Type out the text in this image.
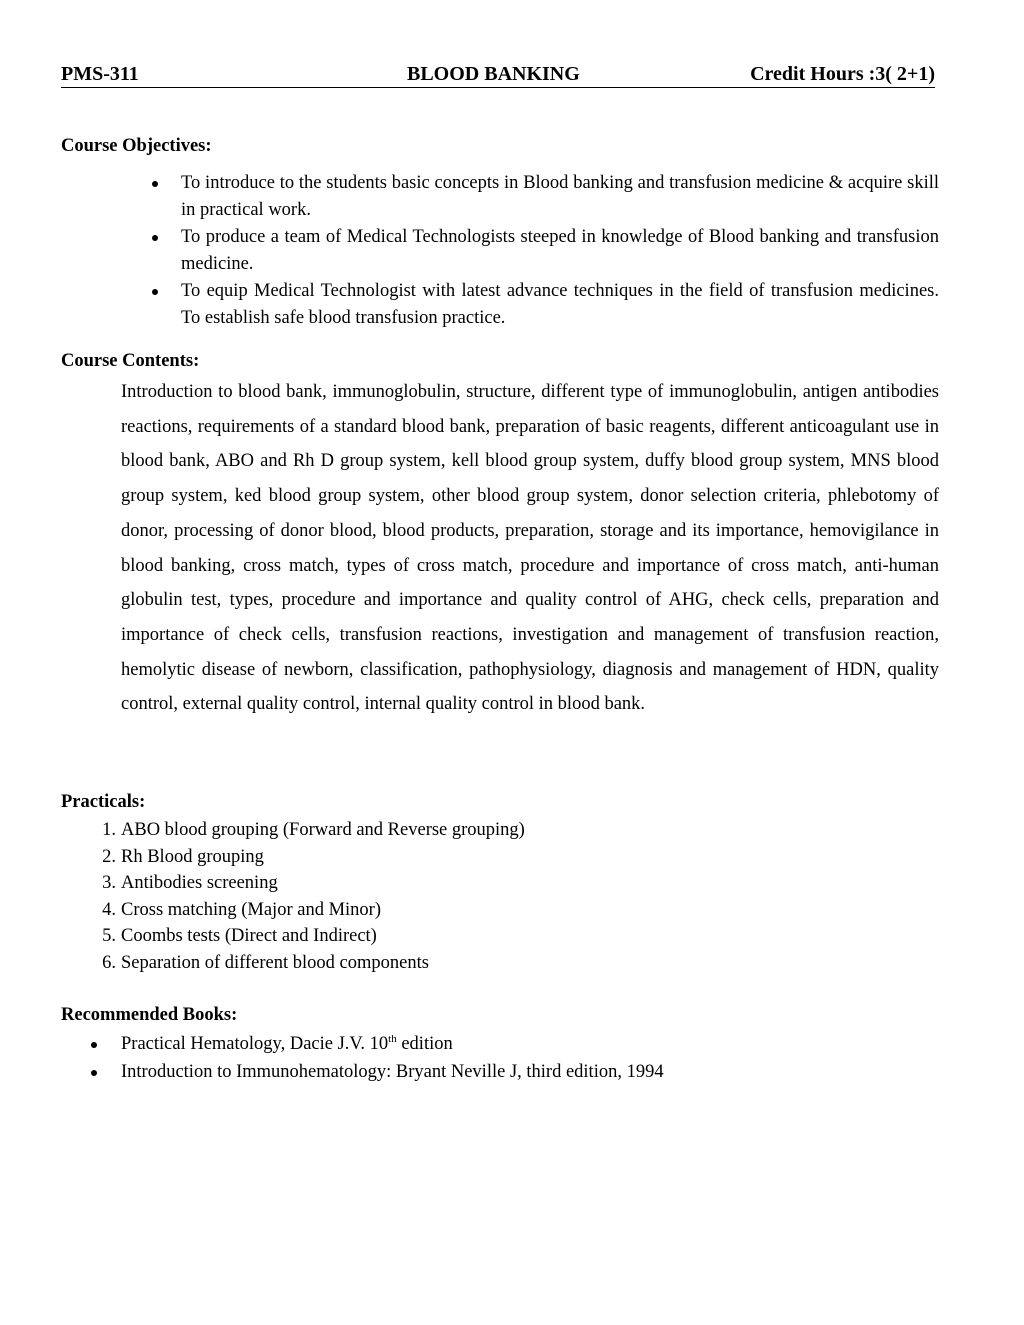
PMS-311	BLOOD BANKING	Credit Hours :3( 2+1)
Course Objectives:
To introduce to the students basic concepts in Blood banking and transfusion medicine & acquire skill in practical work.
To produce a team of Medical Technologists steeped in knowledge of Blood banking and transfusion medicine.
To equip Medical Technologist with latest advance techniques in the field of transfusion medicines. To establish safe blood transfusion practice.
Course Contents:
Introduction to blood bank, immunoglobulin, structure, different type of immunoglobulin, antigen antibodies reactions, requirements of a standard blood bank, preparation of basic reagents, different anticoagulant use in blood bank, ABO and Rh D group system, kell blood group system, duffy blood group system, MNS blood group system, ked blood group system, other blood group system, donor selection criteria, phlebotomy of donor, processing of donor blood, blood products, preparation, storage and its importance, hemovigilance in blood banking, cross match, types of cross match, procedure and importance of cross match, anti-human globulin test, types, procedure and importance and quality control of AHG, check cells, preparation and importance of check cells, transfusion reactions, investigation and management of transfusion reaction, hemolytic disease of newborn, classification, pathophysiology, diagnosis and management of HDN, quality control, external quality control, internal quality control in blood bank.
Practicals:
1. ABO blood grouping (Forward and Reverse grouping)
2. Rh Blood grouping
3. Antibodies screening
4. Cross matching (Major and Minor)
5. Coombs tests (Direct and Indirect)
6. Separation of different blood components
Recommended Books:
Practical Hematology, Dacie J.V. 10th edition
Introduction to Immunohematology: Bryant Neville J, third edition, 1994
